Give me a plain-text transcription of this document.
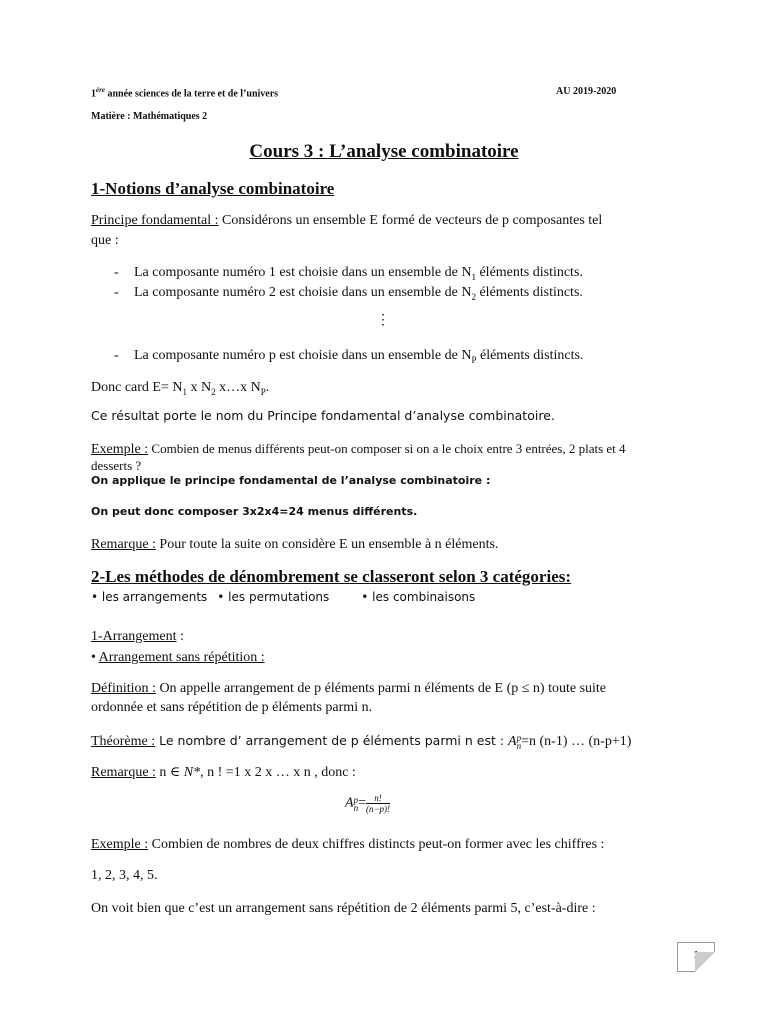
1ère année sciences de la terre et de l’univers	AU 2019-2020
Matière : Mathématiques 2
Cours 3 : L’analyse combinatoire
1-Notions d’analyse combinatoire
Principe fondamental : Considérons un ensemble E formé de vecteurs de p composantes tel
que :
- La composante numéro 1 est choisie dans un ensemble de $N_1$ éléments distincts.
- La composante numéro 2 est choisie dans un ensemble de $N_2$ éléments distincts.
⋮
- La composante numéro p est choisie dans un ensemble de $N_P$ éléments distincts.
Donc card $E= N_1$ x $N_2$ x…x $N_P$.
Ce résultat porte le nom du Principe fondamental d’analyse combinatoire.
Exemple : Combien de menus différents peut-on composer si on a le choix entre 3 entrées, 2 plats et 4
desserts ?
On applique le principe fondamental de l’analyse combinatoire :
On peut donc composer 3x2x4=24 menus différents.
Remarque : Pour toute la suite on considère E un ensemble à n éléments.
2-Les méthodes de dénombrement se classeront selon 3 catégories:
• les arrangements • les permutations	• les combinaisons
1-Arrangement :
• Arrangement sans répétition :
Définition : On appelle arrangement de p éléments parmi n éléments de E (p ≤ n) toute suite
ordonnée et sans répétition de p éléments parmi n.
Théorème : Le nombre d’ arrangement de p éléments parmi n est : A p
n =n (n-1) … (n-p+1)
Remarque : n ∈ N*, n ! =1 x 2 x … x n , donc :
A p
$n = \frac{n!}{(n-p)!}$
Exemple : Combien de nombres de deux chiffres distincts peut-on former avec les chiffres :
1, 2, 3, 4, 5.
On voit bien que c’est un arrangement sans répétition de 2 éléments parmi 5, c’est-à-dire :
1
